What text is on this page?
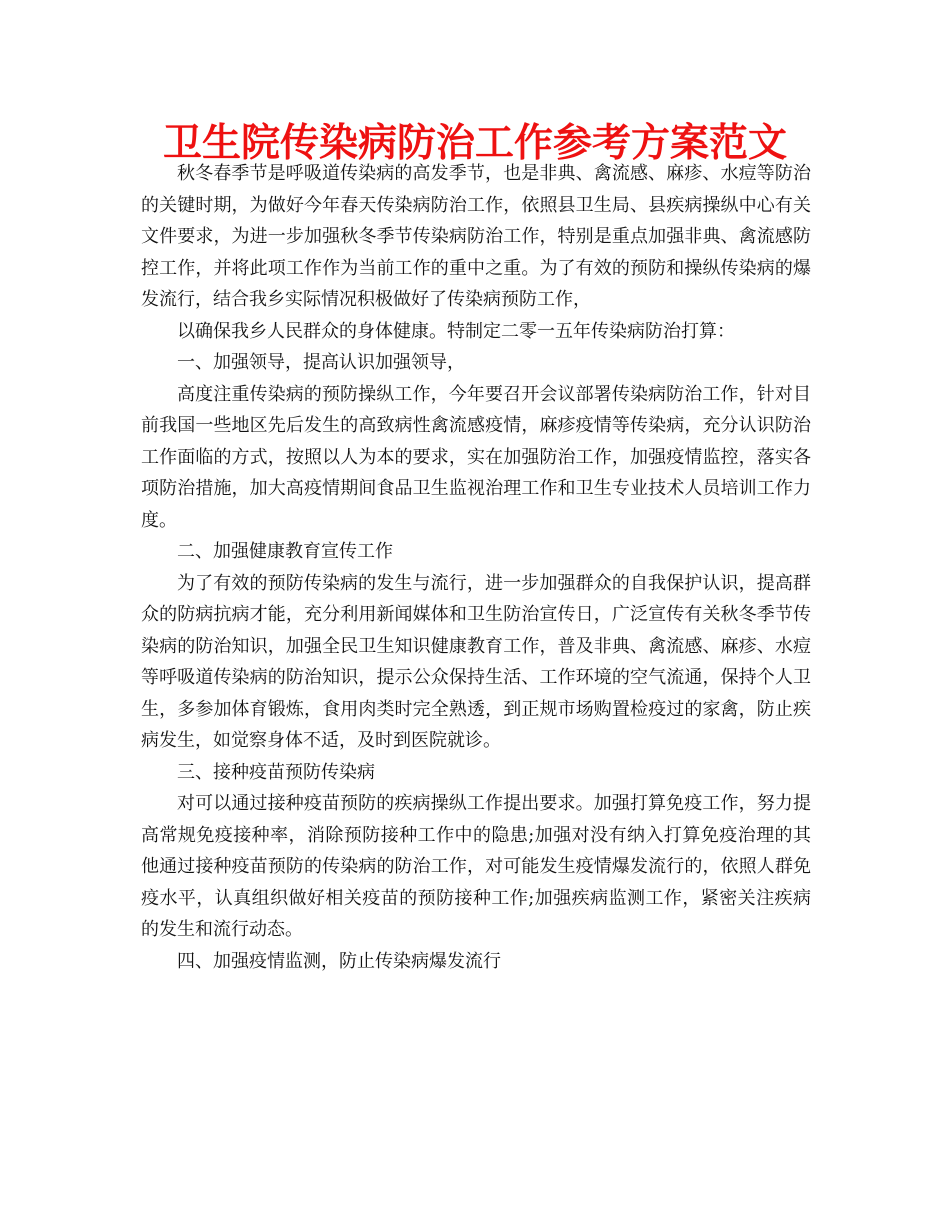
卫生院传染病防治工作参考方案范文

秋冬春季节是呼吸道传染病的高发季节，也是非典、禽流感、麻疹、水痘等防治的关键时期，为做好今年春天传染病防治工作，依照县卫生局、县疾病操纵中心有关文件要求，为进一步加强秋冬季节传染病防治工作，特别是重点加强非典、禽流感防控工作，并将此项工作作为当前工作的重中之重。为了有效的预防和操纵传染病的爆发流行，结合我乡实际情况积极做好了传染病预防工作，

以确保我乡人民群众的身体健康。特制定二零一五年传染病防治打算：

一、加强领导，提高认识加强领导，

高度注重传染病的预防操纵工作，今年要召开会议部署传染病防治工作，针对目前我国一些地区先后发生的高致病性禽流感疫情，麻疹疫情等传染病，充分认识防治工作面临的方式，按照以人为本的要求，实在加强防治工作，加强疫情监控，落实各项防治措施，加大高疫情期间食品卫生监视治理工作和卫生专业技术人员培训工作力度。

二、加强健康教育宣传工作

为了有效的预防传染病的发生与流行，进一步加强群众的自我保护认识，提高群众的防病抗病才能，充分利用新闻媒体和卫生防治宣传日，广泛宣传有关秋冬季节传染病的防治知识，加强全民卫生知识健康教育工作，普及非典、禽流感、麻疹、水痘等呼吸道传染病的防治知识，提示公众保持生活、工作环境的空气流通，保持个人卫生，多参加体育锻炼，食用肉类时完全熟透，到正规市场购置检疫过的家禽，防止疾病发生，如觉察身体不适，及时到医院就诊。

三、接种疫苗预防传染病

对可以通过接种疫苗预防的疾病操纵工作提出要求。加强打算免疫工作，努力提高常规免疫接种率，消除预防接种工作中的隐患;加强对没有纳入打算免疫治理的其他通过接种疫苗预防的传染病的防治工作，对可能发生疫情爆发流行的，依照人群免疫水平，认真组织做好相关疫苗的预防接种工作;加强疾病监测工作，紧密关注疾病的发生和流行动态。

四、加强疫情监测，防止传染病爆发流行
